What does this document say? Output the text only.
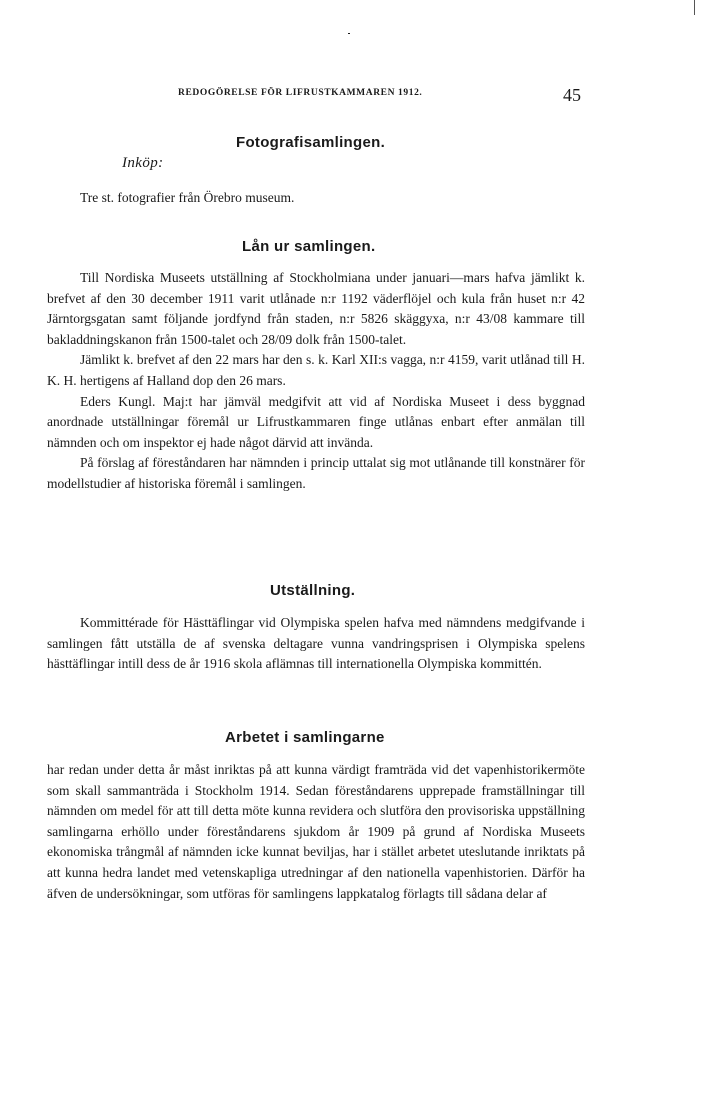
REDOGÖRELSE FÖR LIFRUSTKAMMAREN 1912.	45
Fotografisamlingen.
Inköp:
Tre st. fotografier från Örebro museum.
Lån ur samlingen.

Till Nordiska Museets utställning af Stockholmiana under januari—mars hafva jämlikt k. brefvet af den 30 december 1911 varit utlånade n:r 1192 väderflöjel och kula från huset n:r 42 Järntorgsgatan samt följande jordfynd från staden, n:r 5826 skäggyxa, n:r 43/08 kammare till bakladdningskanon från 1500-talet och 28/09 dolk från 1500-talet.

Jämlikt k. brefvet af den 22 mars har den s. k. Karl XII:s vagga, n:r 4159, varit utlånad till H. K. H. hertigens af Halland dop den 26 mars.

Eders Kungl. Maj:t har jämväl medgifvit att vid af Nordiska Museet i dess byggnad anordnade utställningar föremål ur Lifrustkammaren finge utlånas enbart efter anmälan till nämnden och om inspektor ej hade något därvid att invända.

På förslag af föreståndaren har nämnden i princip uttalat sig mot utlånande till konstnärer för modellstudier af historiska föremål i samlingen.

Utställning.

Kommittérade för Hästtäflingar vid Olympiska spelen hafva med nämndens medgifvande i samlingen fått utställa de af svenska deltagare vunna vandringsprisen i Olympiska spelens hästtäflingar intill dess de år 1916 skola aflämnas till internationella Olympiska kommittén.

Arbetet i samlingarne

har redan under detta år måst inriktas på att kunna värdigt framträda vid det vapenhistorikermöte som skall sammanträda i Stockholm 1914. Sedan föreståndarens upprepade framställningar till nämnden om medel för att till detta möte kunna revidera och slutföra den provisoriska uppställning samlingarna erhöllo under föreståndarens sjukdom år 1909 på grund af Nordiska Museets ekonomiska trångmål af nämnden icke kunnat beviljas, har i stället arbetet uteslutande inriktats på att kunna hedra landet med vetenskapliga utredningar af den nationella vapenhistorien. Därför ha äfven de undersökningar, som utföras för samlingens lappkatalog förlagts till sådana delar af
